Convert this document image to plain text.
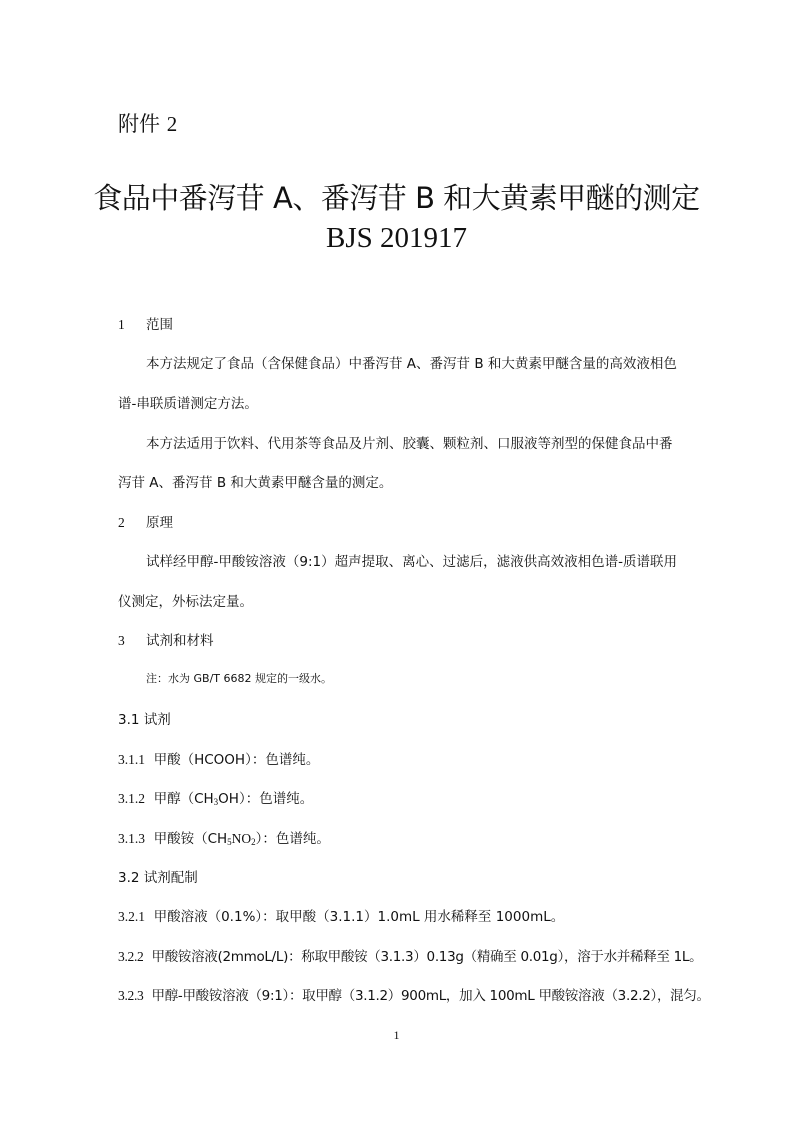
附件 2
食品中番泻苷 A、番泻苷 B 和大黄素甲醚的测定
BJS 201917
1 范围
本方法规定了食品（含保健食品）中番泻苷 A、番泻苷 B 和大黄素甲醚含量的高效液相色
谱-串联质谱测定方法。
本方法适用于饮料、代用茶等食品及片剂、胶囊、颗粒剂、口服液等剂型的保健食品中番
泻苷 A、番泻苷 B 和大黄素甲醚含量的测定。
2 原理
试样经甲醇-甲酸铵溶液（9:1）超声提取、离心、过滤后，滤液供高效液相色谱-质谱联用
仪测定，外标法定量。
3 试剂和材料
注：水为 GB/T 6682 规定的一级水。
3.1 试剂
3.1.1 甲酸（HCOOH）：色谱纯。
3.1.2 甲醇（CH3OH）：色谱纯。
3.1.3 甲酸铵（CH5NO2）：色谱纯。
3.2 试剂配制
3.2.1 甲酸溶液（0.1%）：取甲酸（3.1.1）1.0mL 用水稀释至 1000mL。
3.2.2 甲酸铵溶液(2mmoL/L)：称取甲酸铵（3.1.3）0.13g（精确至 0.01g），溶于水并稀释至 1L。
3.2.3 甲醇-甲酸铵溶液（9:1）：取甲醇（3.1.2）900mL，加入 100mL 甲酸铵溶液（3.2.2），混匀。
1
